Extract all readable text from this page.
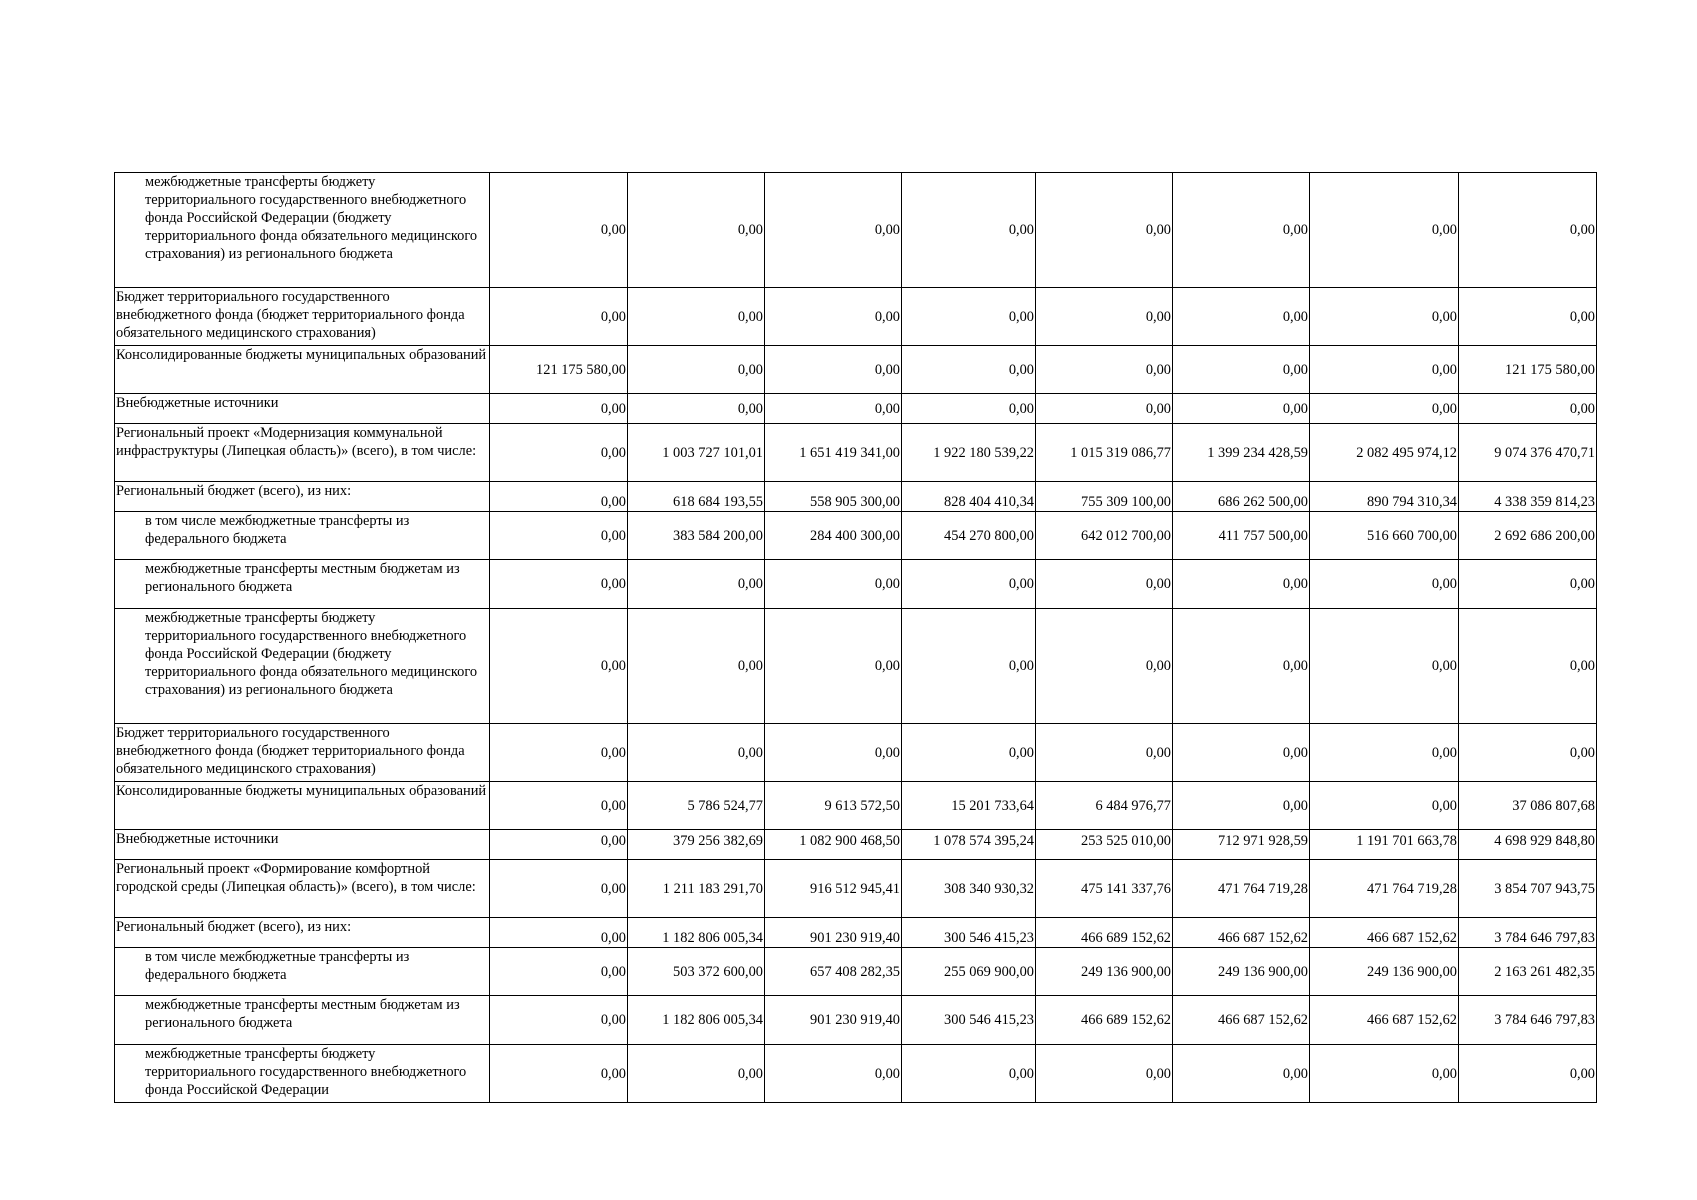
межбюджетные трансферты бюджету территориального государственного внебюджетного фонда Российской Федерации (бюджету территориального фонда обязательного медицинского страхования) из регионального бюджета	0,00	0,00	0,00	0,00	0,00	0,00	0,00	0,00
Бюджет территориального государственного внебюджетного фонда (бюджет территориального фонда обязательного медицинского страхования)	0,00	0,00	0,00	0,00	0,00	0,00	0,00	0,00
Консолидированные бюджеты муниципальных образований	121 175 580,00	0,00	0,00	0,00	0,00	0,00	0,00	121 175 580,00
Внебюджетные источники	0,00	0,00	0,00	0,00	0,00	0,00	0,00	0,00
Региональный проект «Модернизация коммунальной инфраструктуры (Липецкая область)» (всего), в том числе:	0,00	1 003 727 101,01	1 651 419 341,00	1 922 180 539,22	1 015 319 086,77	1 399 234 428,59	2 082 495 974,12	9 074 376 470,71
Региональный бюджет (всего), из них:	0,00	618 684 193,55	558 905 300,00	828 404 410,34	755 309 100,00	686 262 500,00	890 794 310,34	4 338 359 814,23
в том числе межбюджетные трансферты из федерального бюджета	0,00	383 584 200,00	284 400 300,00	454 270 800,00	642 012 700,00	411 757 500,00	516 660 700,00	2 692 686 200,00
межбюджетные трансферты местным бюджетам из регионального бюджета	0,00	0,00	0,00	0,00	0,00	0,00	0,00	0,00
межбюджетные трансферты бюджету территориального государственного внебюджетного фонда Российской Федерации (бюджету территориального фонда обязательного медицинского страхования) из регионального бюджета	0,00	0,00	0,00	0,00	0,00	0,00	0,00	0,00
Бюджет территориального государственного внебюджетного фонда (бюджет территориального фонда обязательного медицинского страхования)	0,00	0,00	0,00	0,00	0,00	0,00	0,00	0,00
Консолидированные бюджеты муниципальных образований	0,00	5 786 524,77	9 613 572,50	15 201 733,64	6 484 976,77	0,00	0,00	37 086 807,68
Внебюджетные источники	0,00	379 256 382,69	1 082 900 468,50	1 078 574 395,24	253 525 010,00	712 971 928,59	1 191 701 663,78	4 698 929 848,80
Региональный проект «Формирование комфортной городской среды (Липецкая область)» (всего), в том числе:	0,00	1 211 183 291,70	916 512 945,41	308 340 930,32	475 141 337,76	471 764 719,28	471 764 719,28	3 854 707 943,75
Региональный бюджет (всего), из них:	0,00	1 182 806 005,34	901 230 919,40	300 546 415,23	466 689 152,62	466 687 152,62	466 687 152,62	3 784 646 797,83
в том числе межбюджетные трансферты из федерального бюджета	0,00	503 372 600,00	657 408 282,35	255 069 900,00	249 136 900,00	249 136 900,00	249 136 900,00	2 163 261 482,35
межбюджетные трансферты местным бюджетам из регионального бюджета	0,00	1 182 806 005,34	901 230 919,40	300 546 415,23	466 689 152,62	466 687 152,62	466 687 152,62	3 784 646 797,83
межбюджетные трансферты бюджету территориального государственного внебюджетного фонда Российской Федерации	0,00	0,00	0,00	0,00	0,00	0,00	0,00	0,00
